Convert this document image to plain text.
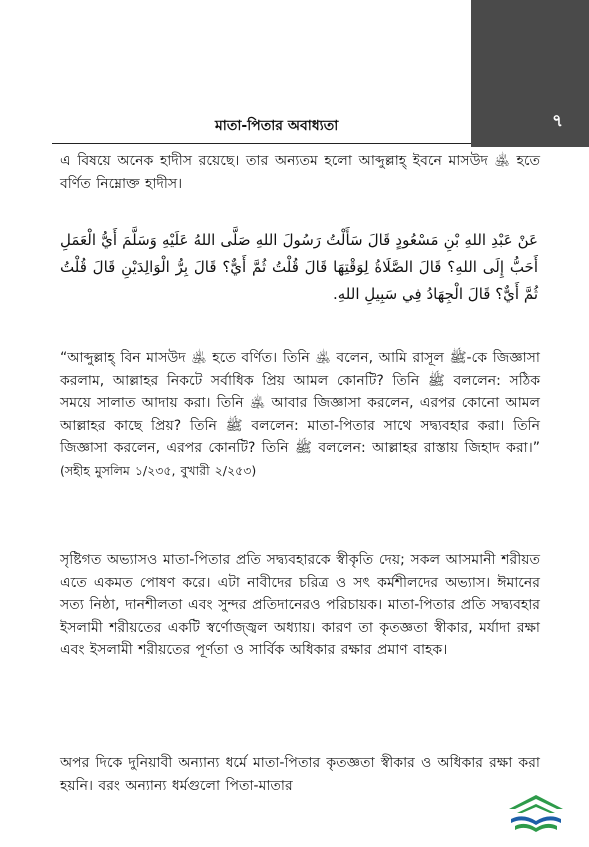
৭
মাতা-পিতার অবাধ্যতা

এ বিষয়ে অনেক হাদীস রয়েছে। তার অন্যতম হলো আব্দুল্লাহ্ ইবনে মাসউদ ﵁ হতে বর্ণিত নিম্নোক্ত হাদীস।

عَنْ عَبْدِ اللهِ بْنِ مَسْعُودٍ قَالَ سَأَلْتُ رَسُولَ اللهِ صَلَّى اللهُ عَلَيْهِ وَسَلَّمَ أَيُّ الْعَمَلِ أَحَبُّ إِلَى اللهِ؟ قَالَ الصَّلَاةُ لِوَقْتِهَا قَالَ قُلْتُ ثُمَّ أَيٌّ؟ قَالَ بِرُّ الْوَالِدَيْنِ قَالَ قُلْتُ ثُمَّ أَيٌّ؟ قَالَ الْجِهَادُ فِي سَبِيلِ اللهِ.

“আব্দুল্লাহ্ বিন মাসউদ ﵁ হতে বর্ণিত। তিনি ﵁ বলেন, আমি রাসূল ﷺ-কে জিজ্ঞাসা করলাম, আল্লাহর নিকটে সর্বাধিক প্রিয় আমল কোনটি? তিনি ﷺ বললেন: সঠিক সময়ে সালাত আদায় করা। তিনি ﵁ আবার জিজ্ঞাসা করলেন, এরপর কোনো আমল আল্লাহর কাছে প্রিয়? তিনি ﷺ বললেন: মাতা-পিতার সাথে সদ্ব্যবহার করা। তিনি জিজ্ঞাসা করলেন, এরপর কোনটি? তিনি ﷺ বললেন: আল্লাহর রাস্তায় জিহাদ করা।” (সহীহ মুসলিম ১/২৩৫, বুখারী ২/২৫৩)

সৃষ্টিগত অভ্যাসও মাতা-পিতার প্রতি সদ্ব্যবহারকে স্বীকৃতি দেয়; সকল আসমানী শরীয়ত এতে একমত পোষণ করে। এটা নাবীদের চরিত্র ও সৎ কর্মশীলদের অভ্যাস। ঈমানের সত্য নিষ্ঠা, দানশীলতা এবং সুন্দর প্রতিদানেরও পরিচায়ক। মাতা-পিতার প্রতি সদ্ব্যবহার ইসলামী শরীয়তের একটি স্বর্ণোজ্জ্বল অধ্যায়। কারণ তা কৃতজ্ঞতা স্বীকার, মর্যাদা রক্ষা এবং ইসলামী শরীয়তের পূর্ণতা ও সার্বিক অধিকার রক্ষার প্রমাণ বাহক।

অপর দিকে দুনিয়াবী অন্যান্য ধর্মে মাতা-পিতার কৃতজ্ঞতা স্বীকার ও অধিকার রক্ষা করা হয়নি। বরং অন্যান্য ধর্মগুলো পিতা-মাতার
